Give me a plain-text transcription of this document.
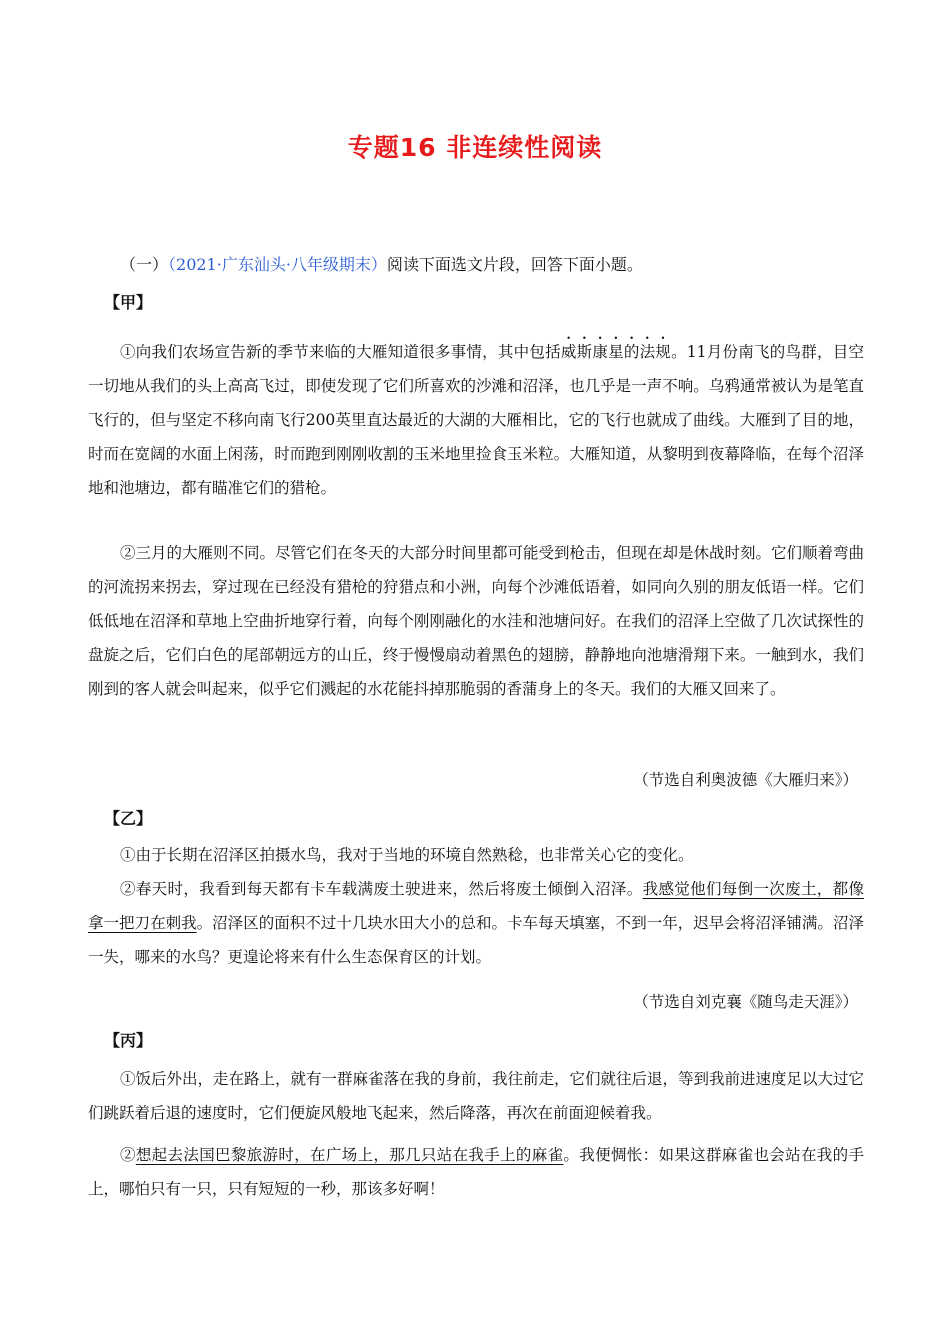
专题16 非连续性阅读
（一）（2021·广东汕头·八年级期末）阅读下面选文片段，回答下面小题。
【甲】
①向我们农场宣告新的季节来临的大雁知道很多事情，其中包括威斯康星的法规。11月份南飞的鸟群，目空一切地从我们的头上高高飞过，即使发现了它们所喜欢的沙滩和沼泽，也几乎是一声不响。乌鸦通常被认为是笔直飞行的，但与坚定不移向南飞行200英里直达最近的大湖的大雁相比，它的飞行也就成了曲线。大雁到了目的地，时而在宽阔的水面上闲荡，时而跑到刚刚收割的玉米地里捡食玉米粒。大雁知道，从黎明到夜幕降临，在每个沼泽地和池塘边，都有瞄准它们的猎枪。
②三月的大雁则不同。尽管它们在冬天的大部分时间里都可能受到枪击，但现在却是休战时刻。它们顺着弯曲的河流拐来拐去，穿过现在已经没有猎枪的狩猎点和小洲，向每个沙滩低语着，如同向久别的朋友低语一样。它们低低地在沼泽和草地上空曲折地穿行着，向每个刚刚融化的水洼和池塘问好。在我们的沼泽上空做了几次试探性的盘旋之后，它们白色的尾部朝远方的山丘，终于慢慢扇动着黑色的翅膀，静静地向池塘滑翔下来。一触到水，我们刚到的客人就会叫起来，似乎它们溅起的水花能抖掉那脆弱的香蒲身上的冬天。我们的大雁又回来了。
（节选自利奥波德《大雁归来》）
【乙】
①由于长期在沼泽区拍摄水鸟，我对于当地的环境自然熟稔，也非常关心它的变化。
②春天时，我看到每天都有卡车载满废土驶进来，然后将废土倾倒入沼泽。我感觉他们每倒一次废土，都像拿一把刀在刺我。沼泽区的面积不过十几块水田大小的总和。卡车每天填塞，不到一年，迟早会将沼泽铺满。沼泽一失，哪来的水鸟？更遑论将来有什么生态保育区的计划。
（节选自刘克襄《随鸟走天涯》）
【丙】
①饭后外出，走在路上，就有一群麻雀落在我的身前，我往前走，它们就往后退，等到我前进速度足以大过它们跳跃着后退的速度时，它们便旋风般地飞起来，然后降落，再次在前面迎候着我。
②想起去法国巴黎旅游时，在广场上，那几只站在我手上的麻雀。我便惆怅：如果这群麻雀也会站在我的手上，哪怕只有一只，只有短短的一秒，那该多好啊！
